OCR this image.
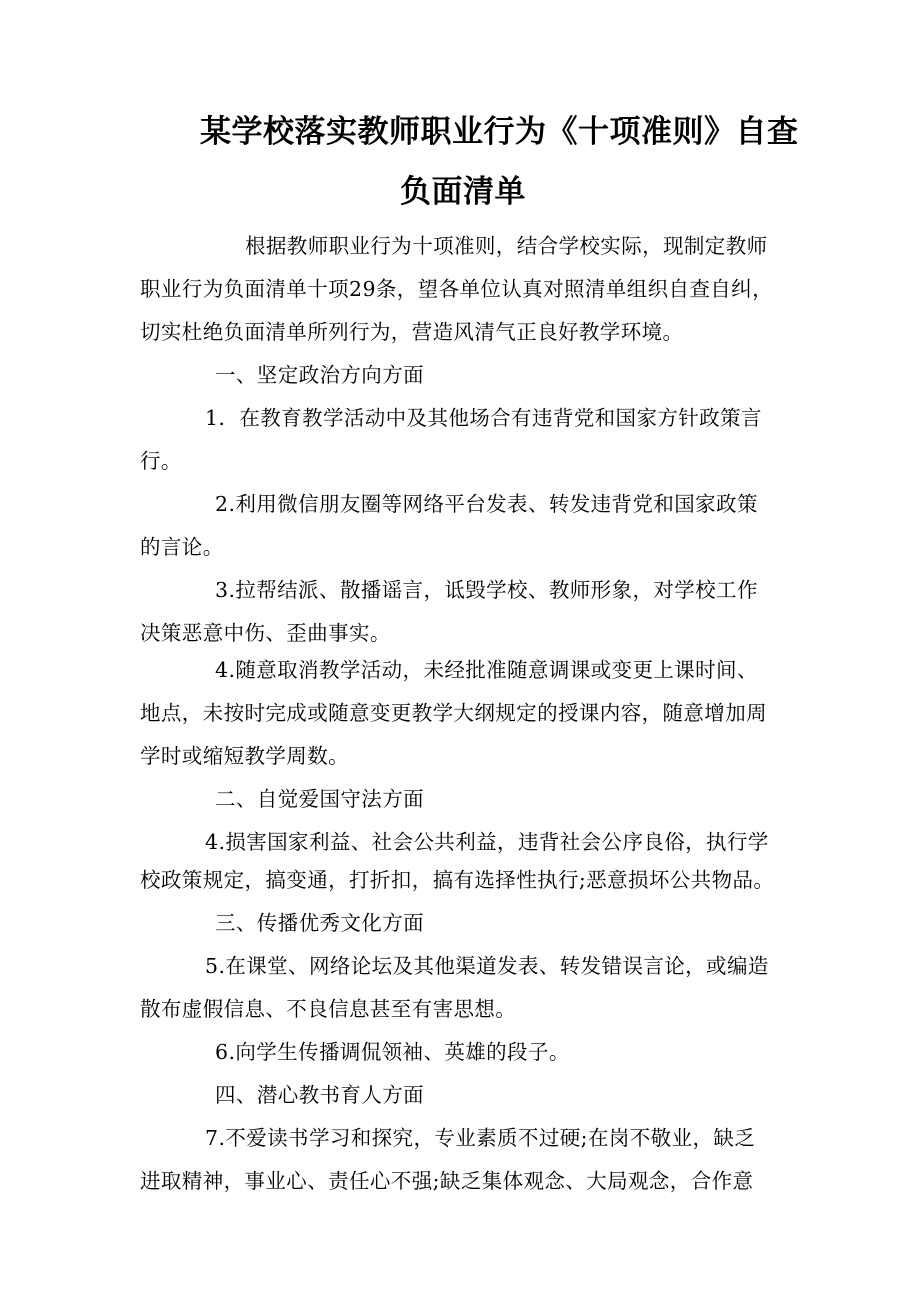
某学校落实教师职业行为《十项准则》自查
负面清单
根据教师职业行为十项准则，结合学校实际，现制定教师
职业行为负面清单十项29条，望各单位认真对照清单组织自查自纠，
切实杜绝负面清单所列行为，营造风清气正良好教学环境。
一、坚定政治方向方面
1．在教育教学活动中及其他场合有违背党和国家方针政策言
行。
2.利用微信朋友圈等网络平台发表、转发违背党和国家政策
的言论。
3.拉帮结派、散播谣言，诋毁学校、教师形象，对学校工作
决策恶意中伤、歪曲事实。
4.随意取消教学活动，未经批准随意调课或变更上课时间、
地点，未按时完成或随意变更教学大纲规定的授课内容，随意增加周
学时或缩短教学周数。
二、自觉爱国守法方面
4.损害国家利益、社会公共利益，违背社会公序良俗，执行学
校政策规定，搞变通，打折扣，搞有选择性执行;恶意损坏公共物品。
三、传播优秀文化方面
5.在课堂、网络论坛及其他渠道发表、转发错误言论，或编造
散布虚假信息、不良信息甚至有害思想。
6.向学生传播调侃领袖、英雄的段子。
四、潜心教书育人方面
7.不爱读书学习和探究，专业素质不过硬;在岗不敬业，缺乏
进取精神，事业心、责任心不强;缺乏集体观念、大局观念，合作意
